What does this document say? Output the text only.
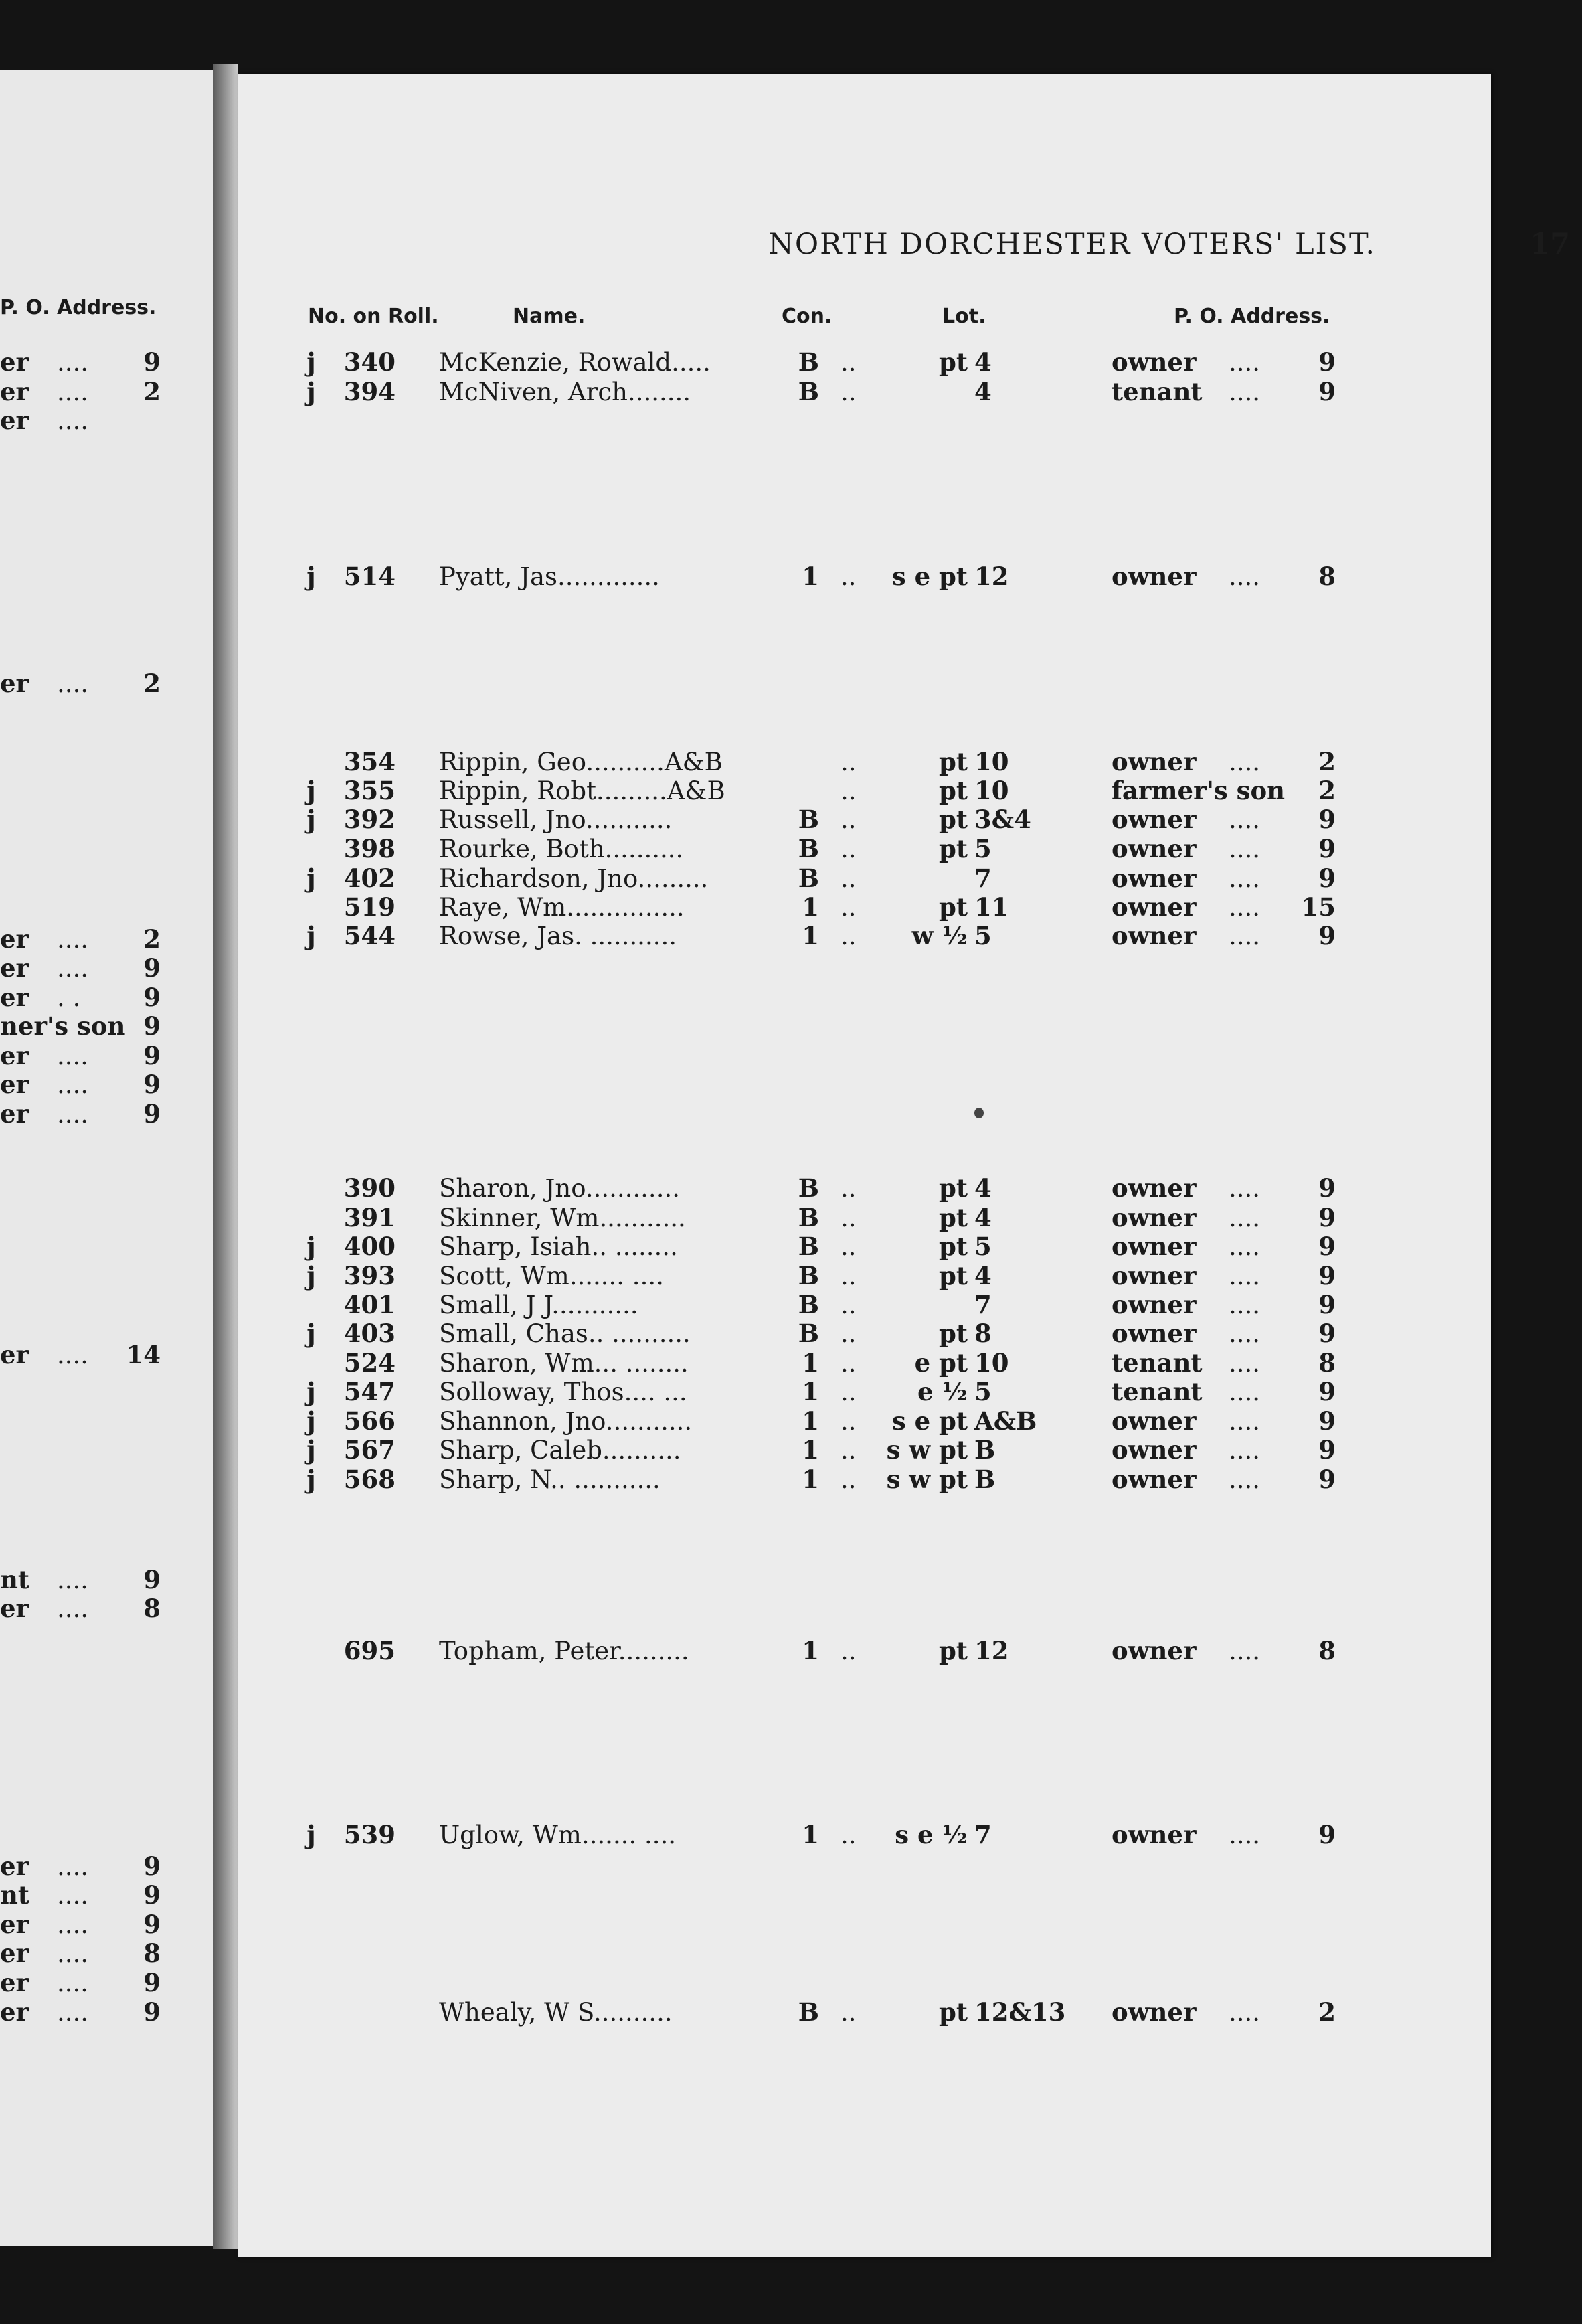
P. O. Address.
er	....	9
er	....	2
er	....
er	....	2
er	....	2
er	....	9
er	. .	9
ner's son 9
er	....	9
er	....	9
er	....	9
er	....	14
nt	....	9
er	....	8
er	....	9
nt	....	9
er	....	9
er	....	8
er	....	9
er	....	9
NORTH DORCHESTER VOTERS' LIST.	17
No. on Roll.	Name.	Con.	Lot.	P. O. Address.
j	340 McKenzie, Rowald.....	B ..	pt 4	owner	....	9
j	394 McNiven, Arch........	B ..	4	tenant	....	9
j	514 Pyatt, Jas.............	1 ..	s e pt 12	owner	....	8
354 Rippin, Geo..........A&B	..	pt 10	owner	....	2
j	355 Rippin, Robt.........A&B	..	pt 10	farmer's son	2
j	392 Russell, Jno...........	B ..	pt 3&4	owner	....	9
398 Rourke, Both..........	B ..	pt 5	owner	....	9
j	402 Richardson, Jno.........	B ..	7	owner	....	9
519 Raye, Wm...............	1 ..	pt 11	owner	....	15
j	544 Rowse, Jas. ...........	1 ..	w ½ 5	owner	....	9
390 Sharon, Jno............	B ..	pt 4	owner	....	9
391 Skinner, Wm...........	B ..	pt 4	owner	....	9
j	400 Sharp, Isiah.. ........	B ..	pt 5	owner	....	9
j	393 Scott, Wm....... ....	B ..	pt 4	owner	....	9
401 Small, J J...........	B ..	7	owner	....	9
j	403 Small, Chas.. ..........	B ..	pt 8	owner	....	9
524 Sharon, Wm... ........	1 ..	e pt 10	tenant	....	8
j	547 Solloway, Thos.... ...	1 ..	e ½ 5	tenant	....	9
j	566 Shannon, Jno...........	1 ..	s e pt A&B	owner	....	9
j	567 Sharp, Caleb..........	1 ..	s w pt B	owner	....	9
j	568 Sharp, N.. ...........	1 ..	s w pt B	owner	....	9
695 Topham, Peter.........	1 ..	pt 12	owner	....	8
j	539 Uglow, Wm....... ....	1 ..	s e ½ 7	owner	....	9
Whealy, W S..........	B ..	pt 12&13	owner	....	2
